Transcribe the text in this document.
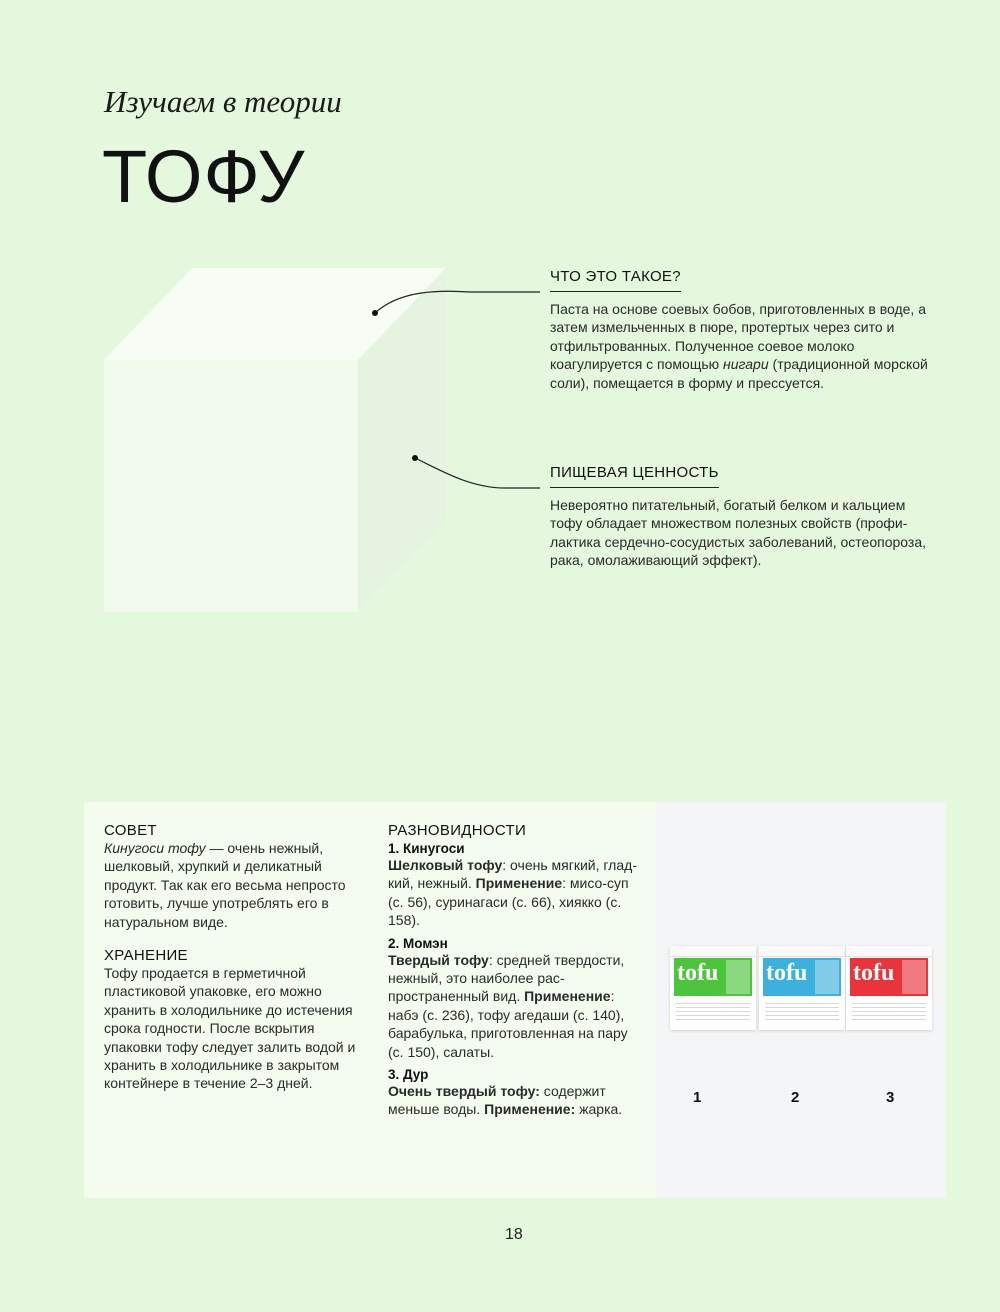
Изучаем в теории
ТОФУ
ЧТО ЭТО ТАКОЕ?
Паста на основе соевых бобов, приготовленных в воде, а затем измельченных в пюре, протертых через сито и отфильтрованных. Полученное соевое молоко коагулируется с помощью нигари (традиционной морской соли), помещается в форму и прессуется.
ПИЩЕВАЯ ЦЕННОСТЬ
Невероятно питательный, богатый белком и кальцием тофу обладает множеством полезных свойств (профилактика сердечно-сосудистых заболеваний, остеопороза, рака, омолаживающий эффект).
СОВЕТ
Кинугоси тофу — очень нежный, шелковый, хрупкий и деликатный продукт. Так как его весьма непросто готовить, лучше употреблять его в натуральном виде.
ХРАНЕНИЕ
Тофу продается в герметичной пластиковой упаковке, его можно хранить в холодильнике до истечения срока годности. После вскрытия упаковки тофу следует залить водой и хранить в холодильнике в закрытом контейнере в течение 2–3 дней.
РАЗНОВИДНОСТИ
1. Кинугоси
Шелковый тофу: очень мягкий, гладкий, нежный. Применение: мисо-суп (с. 56), суринагаси (с. 66), хиякко (с. 158).
2. Момэн
Твердый тофу: средней твердости, нежный, это наиболее распространенный вид. Применение: набэ (с. 236), тофу агедаши (с. 140), барабулька, приготовленная на пару (с. 150), салаты.
3. Дур
Очень твердый тофу: содержит меньше воды. Применение: жарка.
tofu tofu tofu
1	2	3
18
